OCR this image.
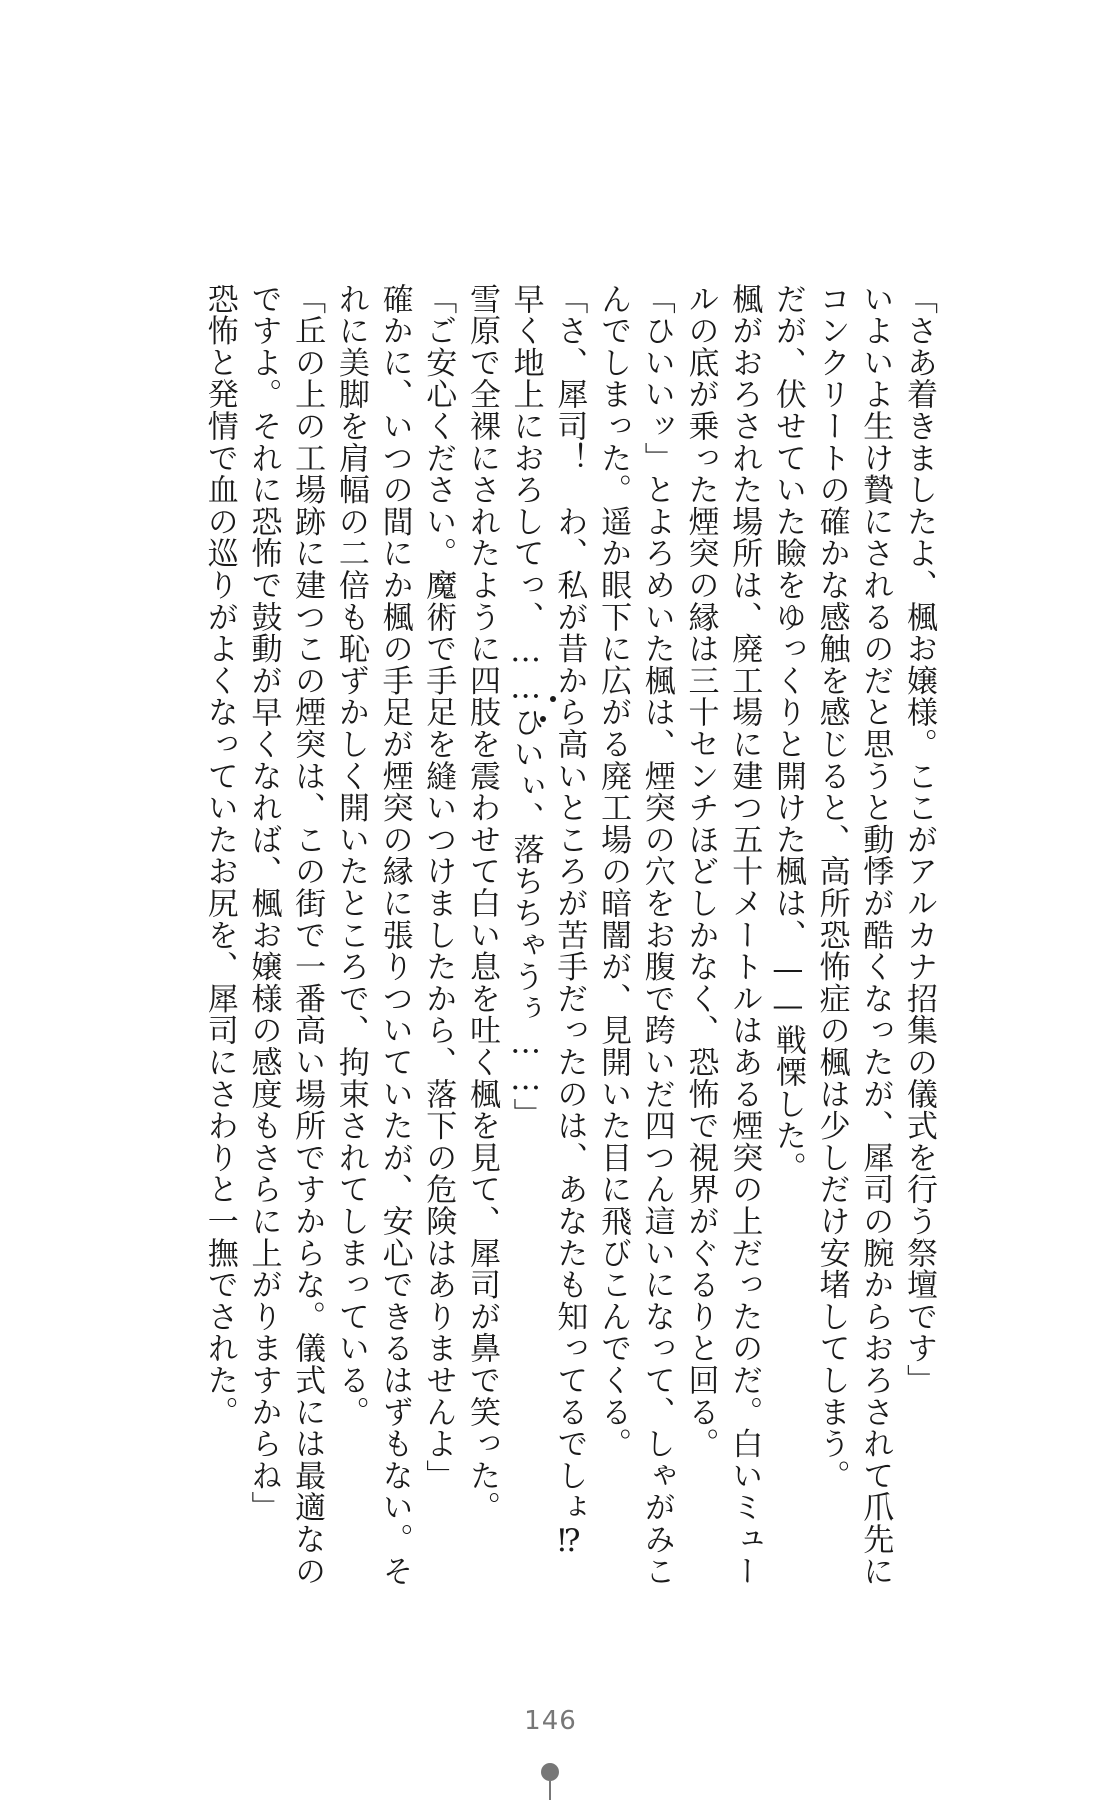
「さあ着きましたよ、楓お嬢様。ここがアルカナ招集の儀式を行う祭壇です」

いよいよ生け贄にされるのだと思うと動悸が酷くなったが、犀司の腕からおろされて爪先にコンクリートの確かな感触を感じると、高所恐怖症の楓は少しだけ安堵してしまう。

だが、伏せていた瞼をゆっくりと開けた楓は、——戦慄した。

楓がおろされた場所は、廃工場に建つ五十メートルはある煙突の上だったのだ。白いミュールの底が乗った煙突の縁は三十センチほどしかなく、恐怖で視界がぐるりと回る。

「ひいいッ」とよろめいた楓は、煙突の穴をお腹で跨いだ四つん這いになって、しゃがみこんでしまった。遥か眼下に広がる廃工場の暗闇が、見開いた目に飛びこんでくる。

「さ、犀司！　わ、私が昔から高いところが苦手だったのは、あなたも知ってるでしょ⁉　早く地上におろしてっ、……ひいぃ、落ちちゃうぅ……」

雪原で全裸にされたように四肢を震わせて白い息を吐く楓を見て、犀司が鼻で笑った。

「ご安心ください。魔術で手足を縫いつけましたから、落下の危険はありませんよ」

確かに、いつの間にか楓の手足が煙突の縁に張りついていたが、安心できるはずもない。それに美脚を肩幅の二倍も恥ずかしく開いたところで、拘束されてしまっている。

「丘の上の工場跡に建つこの煙突は、この街で一番高い場所ですからな。儀式には最適なのですよ。それに恐怖で鼓動が早くなれば、楓お嬢様の感度もさらに上がりますからね」

恐怖と発情で血の巡りがよくなっていたお尻を、犀司にさわりと一撫でされた。

146
